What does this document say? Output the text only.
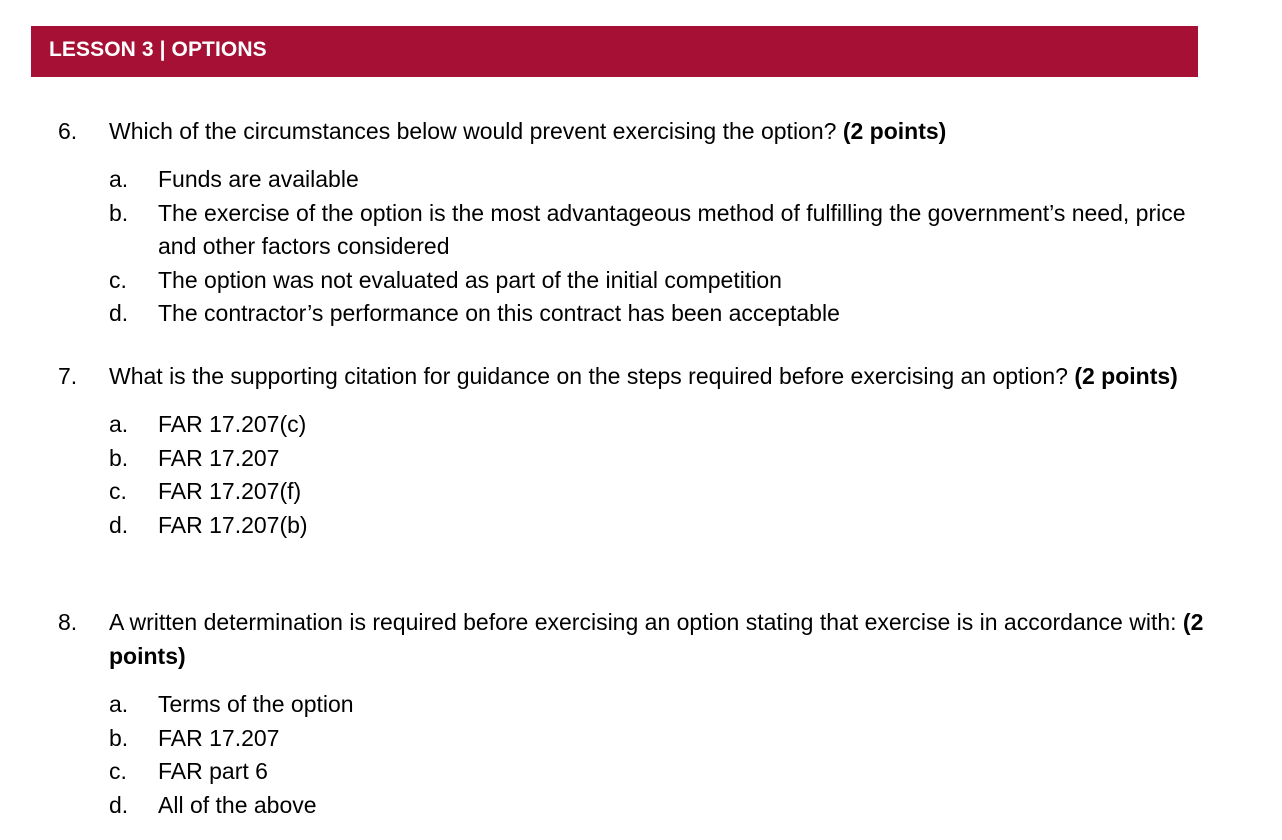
LESSON 3 | OPTIONS
6. Which of the circumstances below would prevent exercising the option? (2 points)
a. Funds are available
b. The exercise of the option is the most advantageous method of fulfilling the government’s need, price and other factors considered
c. The option was not evaluated as part of the initial competition
d. The contractor’s performance on this contract has been acceptable
7. What is the supporting citation for guidance on the steps required before exercising an option? (2 points)
a. FAR 17.207(c)
b. FAR 17.207
c. FAR 17.207(f)
d. FAR 17.207(b)
8. A written determination is required before exercising an option stating that exercise is in accordance with: (2 points)
a. Terms of the option
b. FAR 17.207
c. FAR part 6
d. All of the above
